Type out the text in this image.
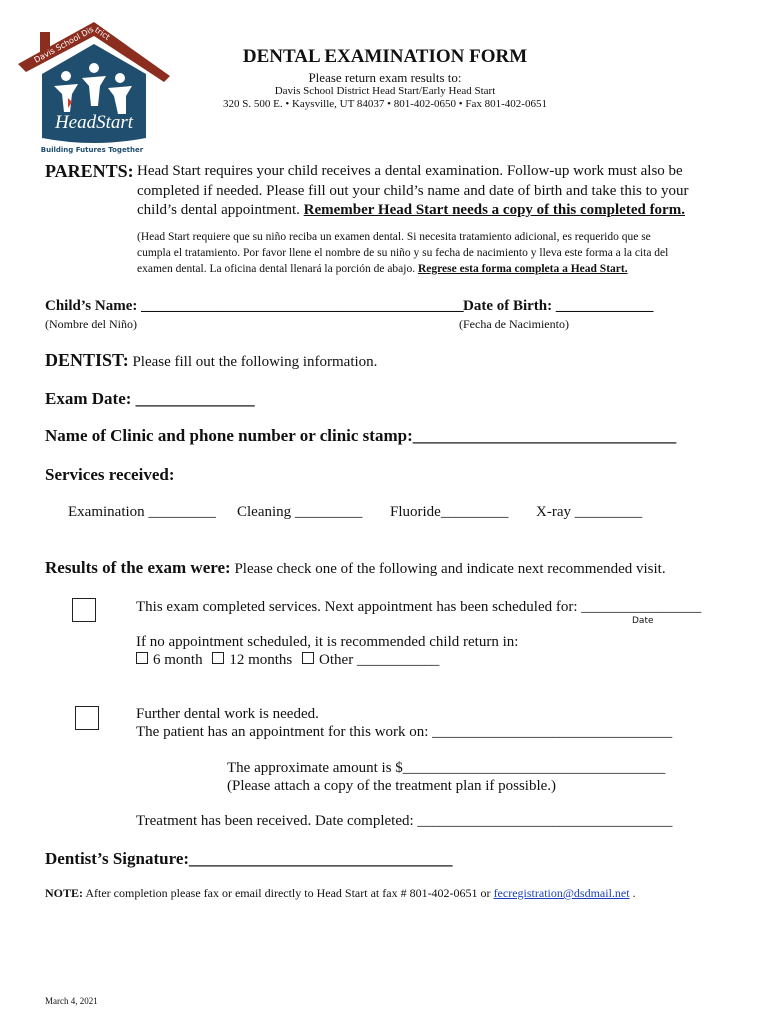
Davis School District
HeadStart
Building Futures Together
DENTAL EXAMINATION FORM
Please return exam results to:
Davis School District Head Start/Early Head Start
320 S. 500 E. • Kaysville, UT 84037 • 801-402-0650 • Fax 801-402-0651
PARENTS: Head Start requires your child receives a dental examination. Follow-up work must also be
completed if needed. Please fill out your child’s name and date of birth and take this to your
child’s dental appointment. Remember Head Start needs a copy of this completed form.
(Head Start requiere que su niño reciba un examen dental. Si necesita tratamiento adicional, es requerido que se
cumpla el tratamiento. Por favor llene el nombre de su niño y su fecha de nacimiento y lleva este forma a la cita del
examen dental. La oficina dental llenará la porción de abajo. Regrese esta forma completa a Head Start.
Child’s Name: ___________________________________________ Date of Birth: _____________
(Nombre del Niño)	(Fecha de Nacimiento)
DENTIST: Please fill out the following information.
Exam Date: ______________
Name of Clinic and phone number or clinic stamp:_______________________________
Services received:
Examination _________ Cleaning _________ Fluoride_________ X-ray _________
Results of the exam were: Please check one of the following and indicate next recommended visit.
This exam completed services. Next appointment has been scheduled for: ________________
Date
If no appointment scheduled, it is recommended child return in:
6 month 12 months Other ___________
Further dental work is needed.
The patient has an appointment for this work on: ________________________________
The approximate amount is $___________________________________
(Please attach a copy of the treatment plan if possible.)
Treatment has been received. Date completed: __________________________________
Dentist’s Signature:_______________________________
NOTE: After completion please fax or email directly to Head Start at fax # 801-402-0651 or fecregistration@dsdmail.net .
March 4, 2021
